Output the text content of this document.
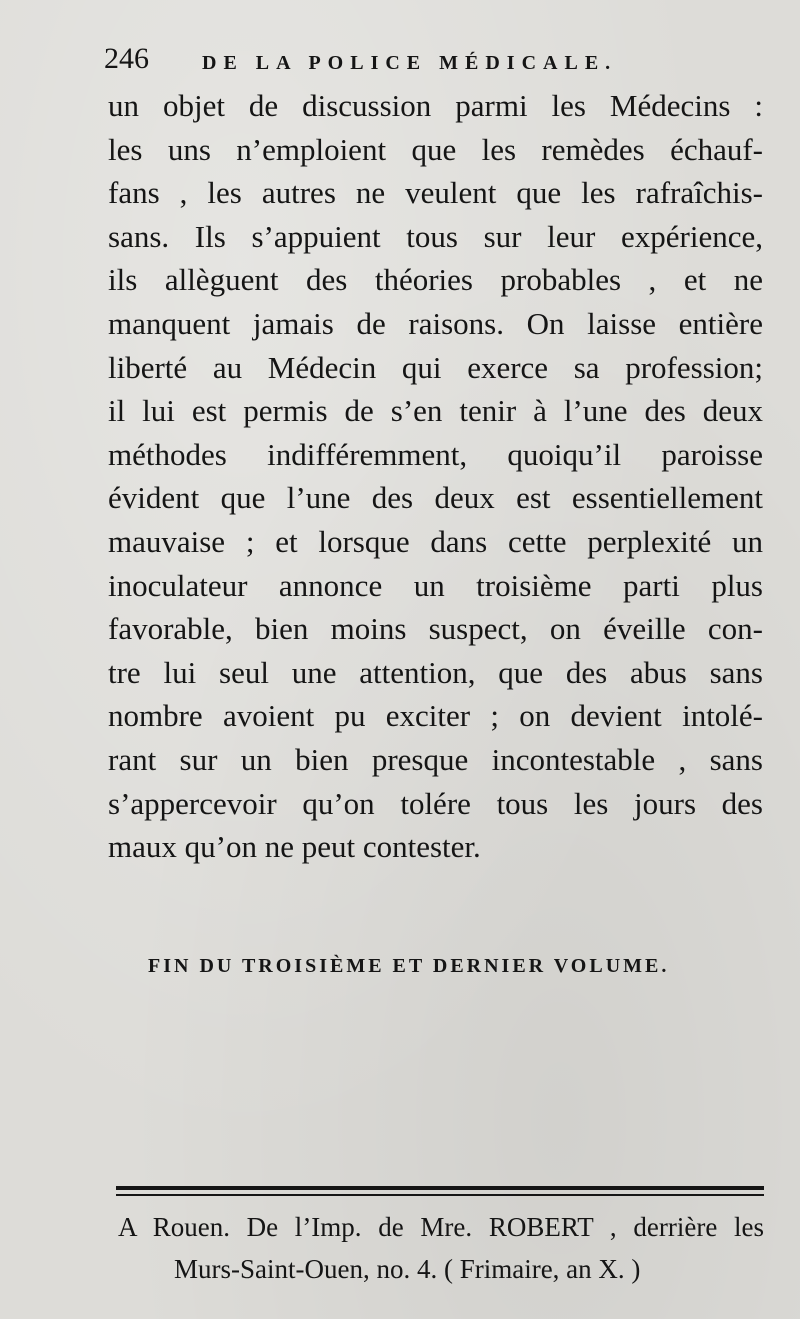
246	DE LA POLICE MÉDICALE.
un objet de discussion parmi les Médecins :
les uns n’emploient que les remèdes échauf-
fans , les autres ne veulent que les rafraîchis-
sans. Ils s’appuient tous sur leur expérience,
ils allèguent des théories probables , et ne
manquent jamais de raisons. On laisse entière
liberté au Médecin qui exerce sa profession;
il lui est permis de s’en tenir à l’une des deux
méthodes indifféremment, quoiqu’il paroisse
évident que l’une des deux est essentiellement
mauvaise ; et lorsque dans cette perplexité un
inoculateur annonce un troisième parti plus
favorable, bien moins suspect, on éveille con-
tre lui seul une attention, que des abus sans
nombre avoient pu exciter ; on devient intolé-
rant sur un bien presque incontestable , sans
s’appercevoir qu’on tolére tous les jours des
maux qu’on ne peut contester.
FIN DU TROISIÈME ET DERNIER VOLUME.
A Rouen. De l’Imp. de Mre. ROBERT , derrière les
Murs-Saint-Ouen, no. 4. ( Frimaire, an X. )
